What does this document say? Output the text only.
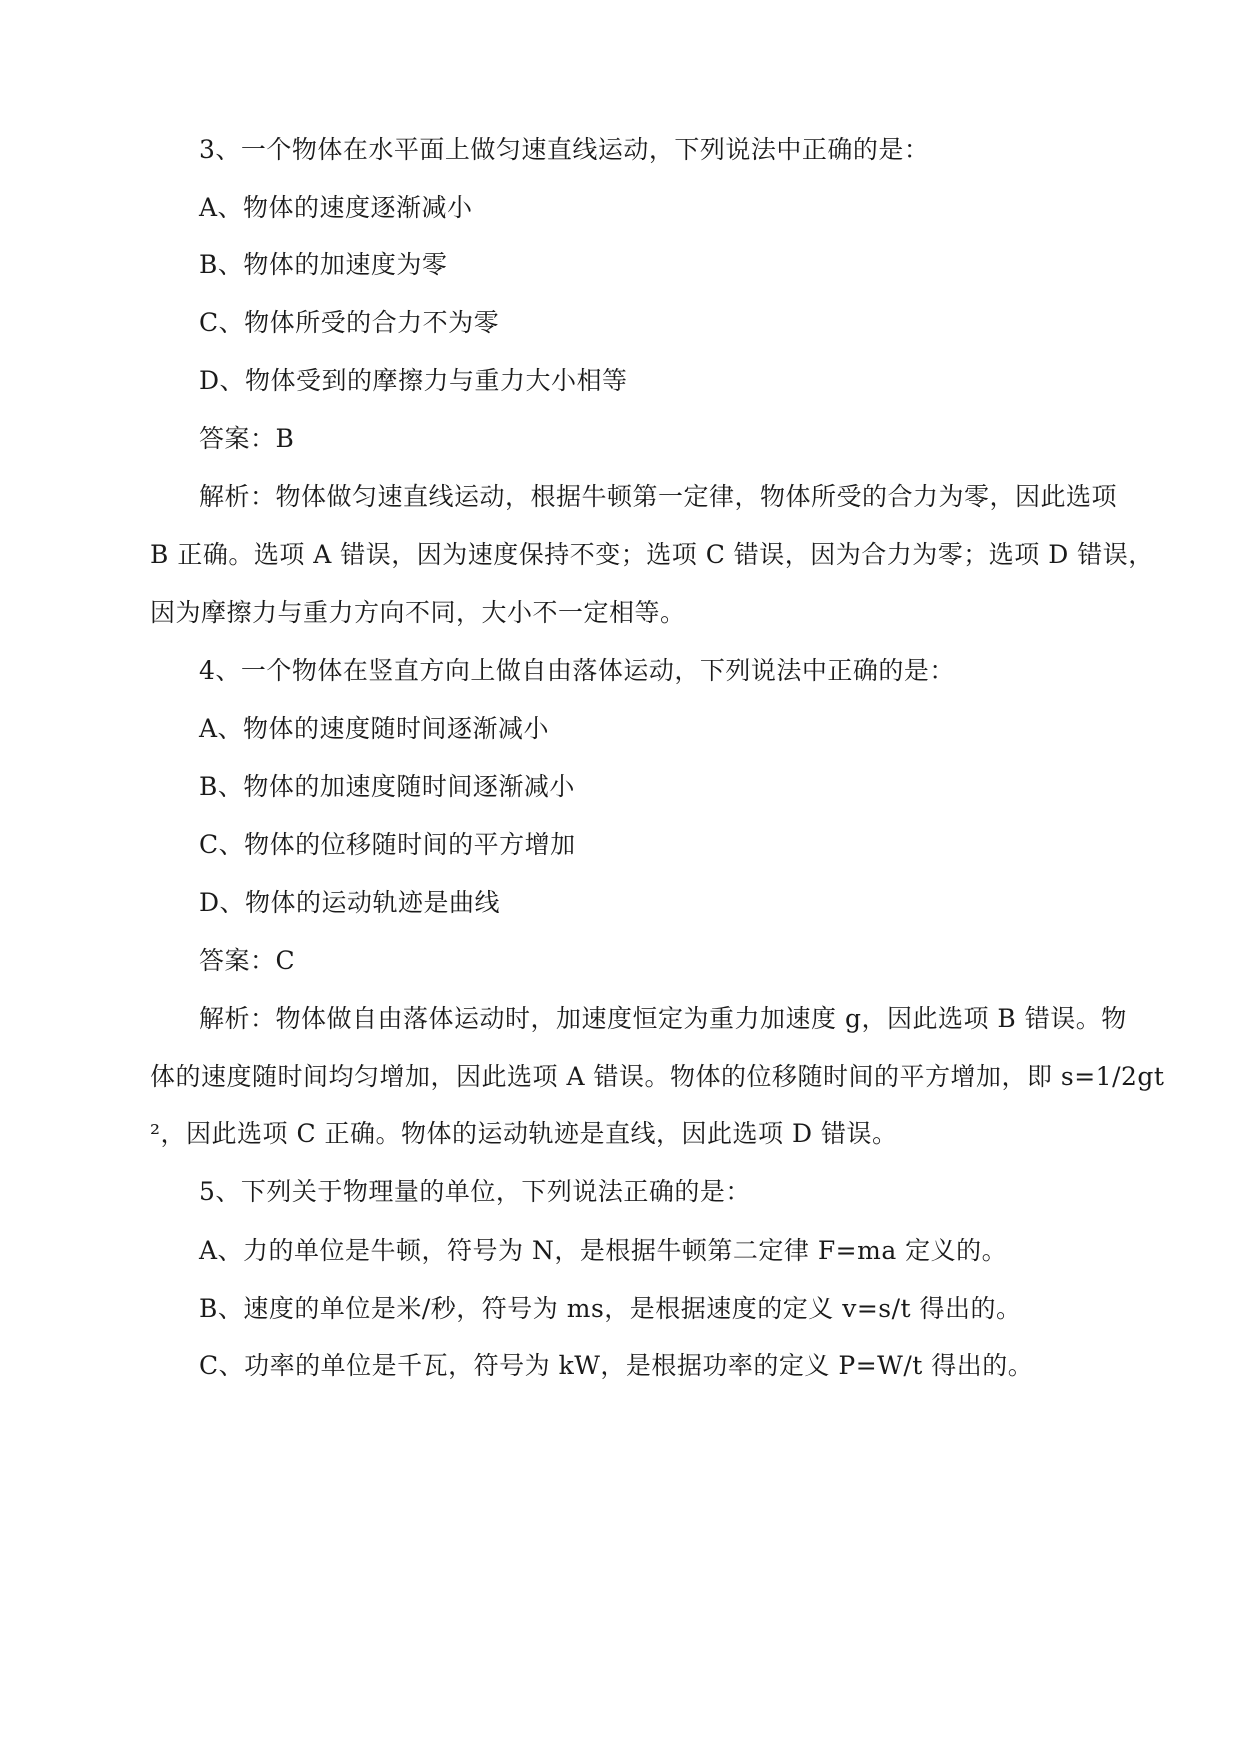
3、一个物体在水平面上做匀速直线运动，下列说法中正确的是：
A、物体的速度逐渐减小
B、物体的加速度为零
C、物体所受的合力不为零
D、物体受到的摩擦力与重力大小相等
答案：B
解析：物体做匀速直线运动，根据牛顿第一定律，物体所受的合力为零，因此选项
B 正确。选项 A 错误，因为速度保持不变；选项 C 错误，因为合力为零；选项 D 错误，
因为摩擦力与重力方向不同，大小不一定相等。
4、一个物体在竖直方向上做自由落体运动，下列说法中正确的是：
A、物体的速度随时间逐渐减小
B、物体的加速度随时间逐渐减小
C、物体的位移随时间的平方增加
D、物体的运动轨迹是曲线
答案：C
解析：物体做自由落体运动时，加速度恒定为重力加速度 g，因此选项 B 错误。物
体的速度随时间均匀增加，因此选项 A 错误。物体的位移随时间的平方增加，即 s=1/2gt
²，因此选项 C 正确。物体的运动轨迹是直线，因此选项 D 错误。
5、下列关于物理量的单位，下列说法正确的是：
A、力的单位是牛顿，符号为 N，是根据牛顿第二定律 F=ma 定义的。
B、速度的单位是米/秒，符号为 ms，是根据速度的定义 v=s/t 得出的。
C、功率的单位是千瓦，符号为 kW，是根据功率的定义 P=W/t 得出的。
